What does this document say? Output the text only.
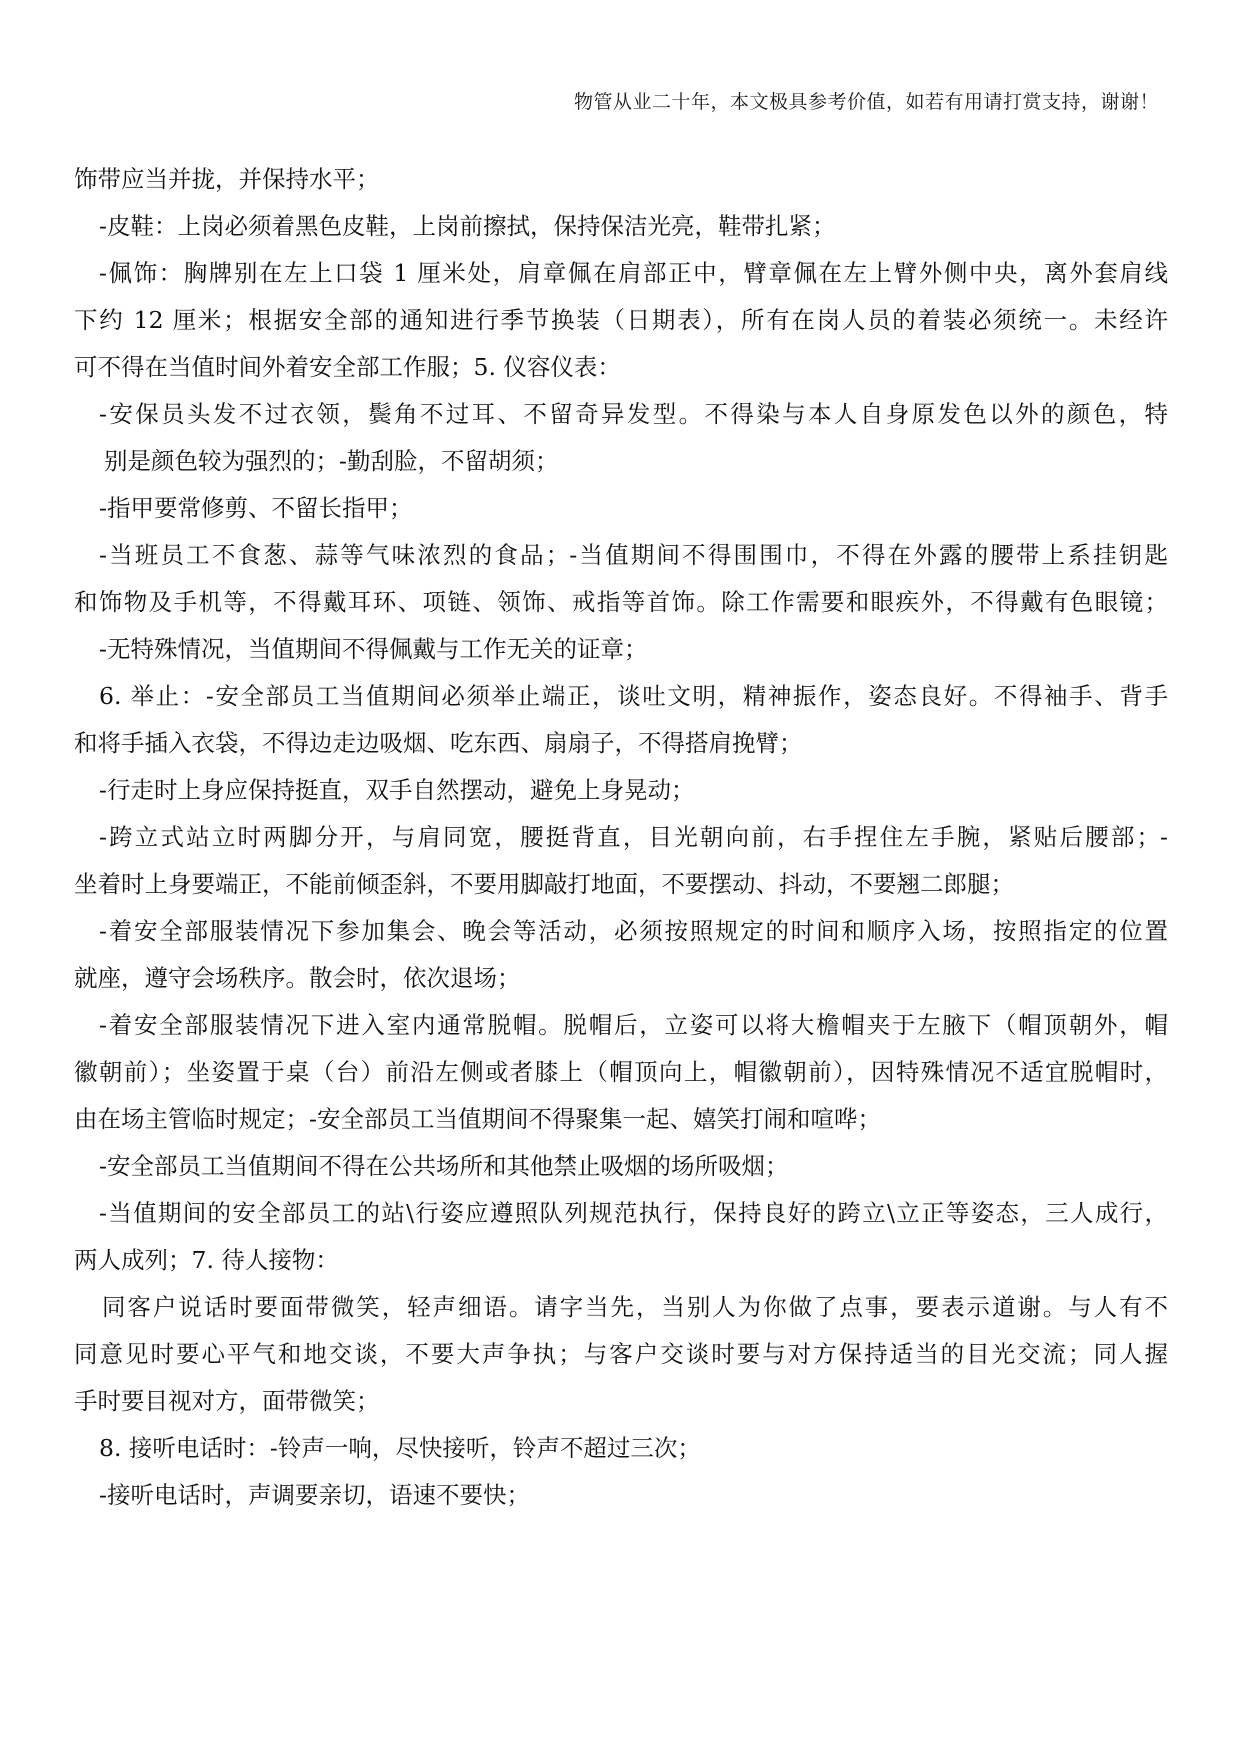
物管从业二十年，本文极具参考价值，如若有用请打赏支持，谢谢！
饰带应当并拢，并保持水平；
-皮鞋：上岗必须着黑色皮鞋，上岗前擦拭，保持保洁光亮，鞋带扎紧；
-佩饰：胸牌别在左上口袋 1 厘米处，肩章佩在肩部正中，臂章佩在左上臂外侧中央，离外套肩线
下约 12 厘米；根据安全部的通知进行季节换装（日期表），所有在岗人员的着装必须统一。未经许
可不得在当值时间外着安全部工作服；5. 仪容仪表：
-安保员头发不过衣领，鬓角不过耳、不留奇异发型。不得染与本人自身原发色以外的颜色，特
别是颜色较为强烈的；-勤刮脸，不留胡须；
-指甲要常修剪、不留长指甲；
-当班员工不食葱、蒜等气味浓烈的食品；-当值期间不得围围巾，不得在外露的腰带上系挂钥匙
和饰物及手机等，不得戴耳环、项链、领饰、戒指等首饰。除工作需要和眼疾外，不得戴有色眼镜；
-无特殊情况，当值期间不得佩戴与工作无关的证章；
6. 举止：-安全部员工当值期间必须举止端正，谈吐文明，精神振作，姿态良好。不得袖手、背手
和将手插入衣袋，不得边走边吸烟、吃东西、扇扇子，不得搭肩挽臂；
-行走时上身应保持挺直，双手自然摆动，避免上身晃动；
-跨立式站立时两脚分开，与肩同宽，腰挺背直，目光朝向前，右手捏住左手腕，紧贴后腰部；-
坐着时上身要端正，不能前倾歪斜，不要用脚敲打地面，不要摆动、抖动，不要翘二郎腿；
-着安全部服装情况下参加集会、晚会等活动，必须按照规定的时间和顺序入场，按照指定的位置
就座，遵守会场秩序。散会时，依次退场；
-着安全部服装情况下进入室内通常脱帽。脱帽后，立姿可以将大檐帽夹于左腋下（帽顶朝外，帽
徽朝前）；坐姿置于桌（台）前沿左侧或者膝上（帽顶向上，帽徽朝前），因特殊情况不适宜脱帽时，
由在场主管临时规定；-安全部员工当值期间不得聚集一起、嬉笑打闹和喧哗；
-安全部员工当值期间不得在公共场所和其他禁止吸烟的场所吸烟；
-当值期间的安全部员工的站\行姿应遵照队列规范执行，保持良好的跨立\立正等姿态，三人成行，
两人成列；7. 待人接物：
同客户说话时要面带微笑，轻声细语。请字当先，当别人为你做了点事，要表示道谢。与人有不
同意见时要心平气和地交谈，不要大声争执；与客户交谈时要与对方保持适当的目光交流；同人握
手时要目视对方，面带微笑；
8. 接听电话时：-铃声一响，尽快接听，铃声不超过三次；
-接听电话时，声调要亲切，语速不要快；
